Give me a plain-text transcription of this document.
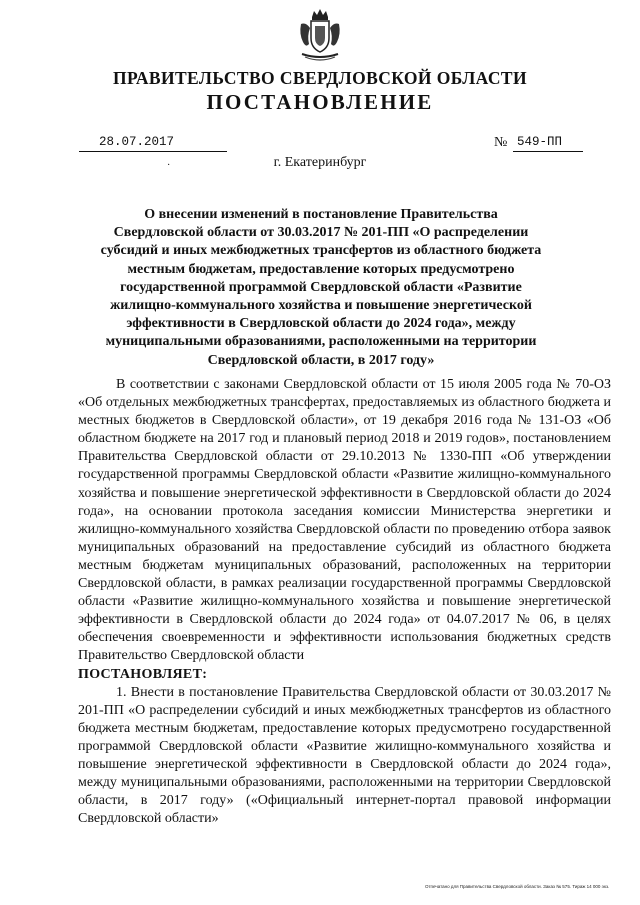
ПРАВИТЕЛЬСТВО СВЕРДЛОВСКОЙ ОБЛАСТИ
ПОСТАНОВЛЕНИЕ
28.07.2017
·
№ 549-ПП
г. Екатеринбург
О внесении изменений в постановление Правительства Свердловской области от 30.03.2017 № 201-ПП «О распределении субсидий и иных межбюджетных трансфертов из областного бюджета местным бюджетам, предоставление которых предусмотрено государственной программой Свердловской области «Развитие жилищно-коммунального хозяйства и повышение энергетической эффективности в Свердловской области до 2024 года», между муниципальными образованиями, расположенными на территории Свердловской области, в 2017 году»

В соответствии с законами Свердловской области от 15 июля 2005 года № 70-ОЗ «Об отдельных межбюджетных трансфертах, предоставляемых из областного бюджета и местных бюджетов в Свердловской области», от 19 декабря 2016 года № 131-ОЗ «Об областном бюджете на 2017 год и плановый период 2018 и 2019 годов», постановлением Правительства Свердловской области от 29.10.2013 № 1330-ПП «Об утверждении государственной программы Свердловской области «Развитие жилищно-коммунального хозяйства и повышение энергетической эффективности в Свердловской области до 2024 года», на основании протокола заседания комиссии Министерства энергетики и жилищно-коммунального хозяйства Свердловской области по проведению отбора заявок муниципальных образований на предоставление субсидий из областного бюджета местным бюджетам муниципальных образований, расположенных на территории Свердловской области, в рамках реализации государственной программы Свердловской области «Развитие жилищно-коммунального хозяйства и повышение энергетической эффективности в Свердловской области до 2024 года» от 04.07.2017 № 06, в целях обеспечения своевременности и эффективности использования бюджетных средств Правительство Свердловской области

ПОСТАНОВЛЯЕТ:

1. Внести в постановление Правительства Свердловской области от 30.03.2017 № 201-ПП «О распределении субсидий и иных межбюджетных трансфертов из областного бюджета местным бюджетам, предоставление которых предусмотрено государственной программой Свердловской области «Развитие жилищно-коммунального хозяйства и повышение энергетической эффективности в Свердловской области до 2024 года», между муниципальными образованиями, расположенными на территории Свердловской области, в 2017 году» («Официальный интернет-портал правовой информации Свердловской области»

Отпечатано для Правительства Свердловской области. Заказ № 575. Тираж 14 000 экз.
